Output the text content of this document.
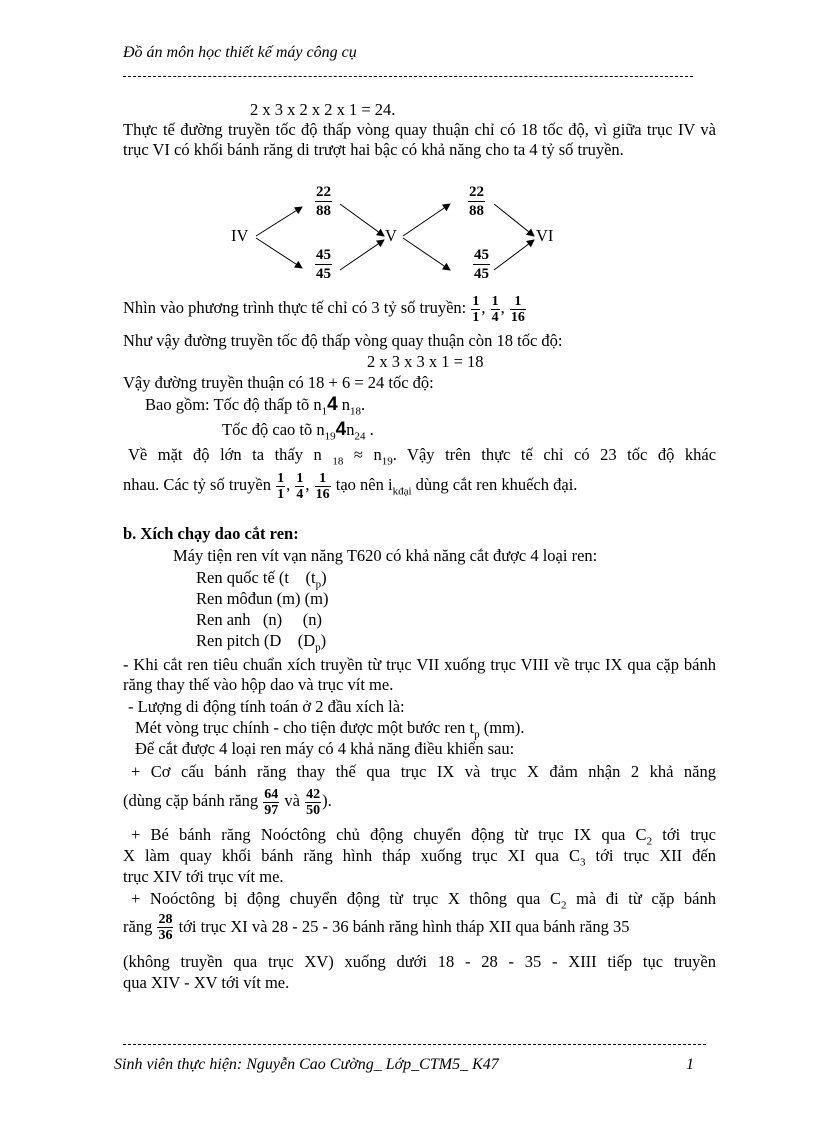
Đồ án môn học thiết kế máy công cụ
2 x 3 x 2 x 2 x 1 = 24.
Thực tế đường truyền tốc độ thấp vòng quay thuận chỉ có 18 tốc độ, vì giữa trục IV và trục VI có khối bánh răng di trượt hai bậc có khả năng cho ta 4 tỷ số truyền.
IV	V	VI
$\frac{22}{88}$
$\frac{45}{45}$
$\frac{22}{88}$
$\frac{45}{45}$
Nhìn vào phương trình thực tế chỉ có 3 tỷ số truyền: $\frac{1}{1}$ , $\frac{1}{4}$ , $\frac{1}{16}$
Như vậy đường truyền tốc độ thấp vòng quay thuận còn 18 tốc độ:
2 x 3 x 3 x 1 = 18
Vậy đường truyền thuận có 18 + 6 = 24 tốc độ:
Bao gồm: Tốc độ thấp tõ $n_14$ $n_{18}$.
Tốc độ cao tõ $n_{19}4n_{24}$ .
Về mặt độ lớn ta thấy n $_{18} \approx n_{19}$. Vậy trên thực tế chỉ có 23 tốc độ khác
nhau. Các tỷ số truyền $\frac{1}{1}$ , $\frac{1}{4}$ , $\frac{1}{16}$ tạo nên $i_{kđại}$ dùng cắt ren khuếch đại.
b. Xích chạy dao cắt ren:
Máy tiện ren vít vạn năng T620 có khả năng cắt được 4 loại ren:
Ren quốc tế (t $(t_p)$
Ren môđun (m) (m)
Ren anh (n) (n)
Ren pitch (D $(D_p)$
- Khi cắt ren tiêu chuẩn xích truyền từ trục VII xuống trục VIII về trục IX qua cặp bánh răng thay thế vào hộp dao và trục vít me.
- Lượng di động tính toán ở 2 đầu xích là:
Mét vòng trục chính - cho tiện được một bước ren $t_p$ (mm).
Để cắt được 4 loại ren máy có 4 khả năng điều khiển sau:
+ Cơ cấu bánh răng thay thế qua trục IX và trục X đảm nhận 2 khả năng
(dùng cặp bánh răng $\frac{64}{97}$ và $\frac{42}{50}$ ).
+ Bé bánh răng Noóctông chủ động chuyển động từ trục IX qua $C_2$ tới trục
X làm quay khối bánh răng hình tháp xuống trục XI qua $C_3$ tới trục XII đến
trục XIV tới trục vít me.
+ Noóctông bị động chuyển động từ trục X thông qua $C_2$ mà đi từ cặp bánh
răng
$\frac{28}{36}$
tới trục XI và 28 - 25 - 36 bánh răng hình tháp XII qua bánh răng 35
(không truyền qua trục XV) xuống dưới 18 - 28 - 35 - XIII tiếp tục truyền
qua XIV - XV tới vít me.
Sinh viên thực hiện: Nguyễn Cao Cường_ Lớp_CTM5_ K47	1
